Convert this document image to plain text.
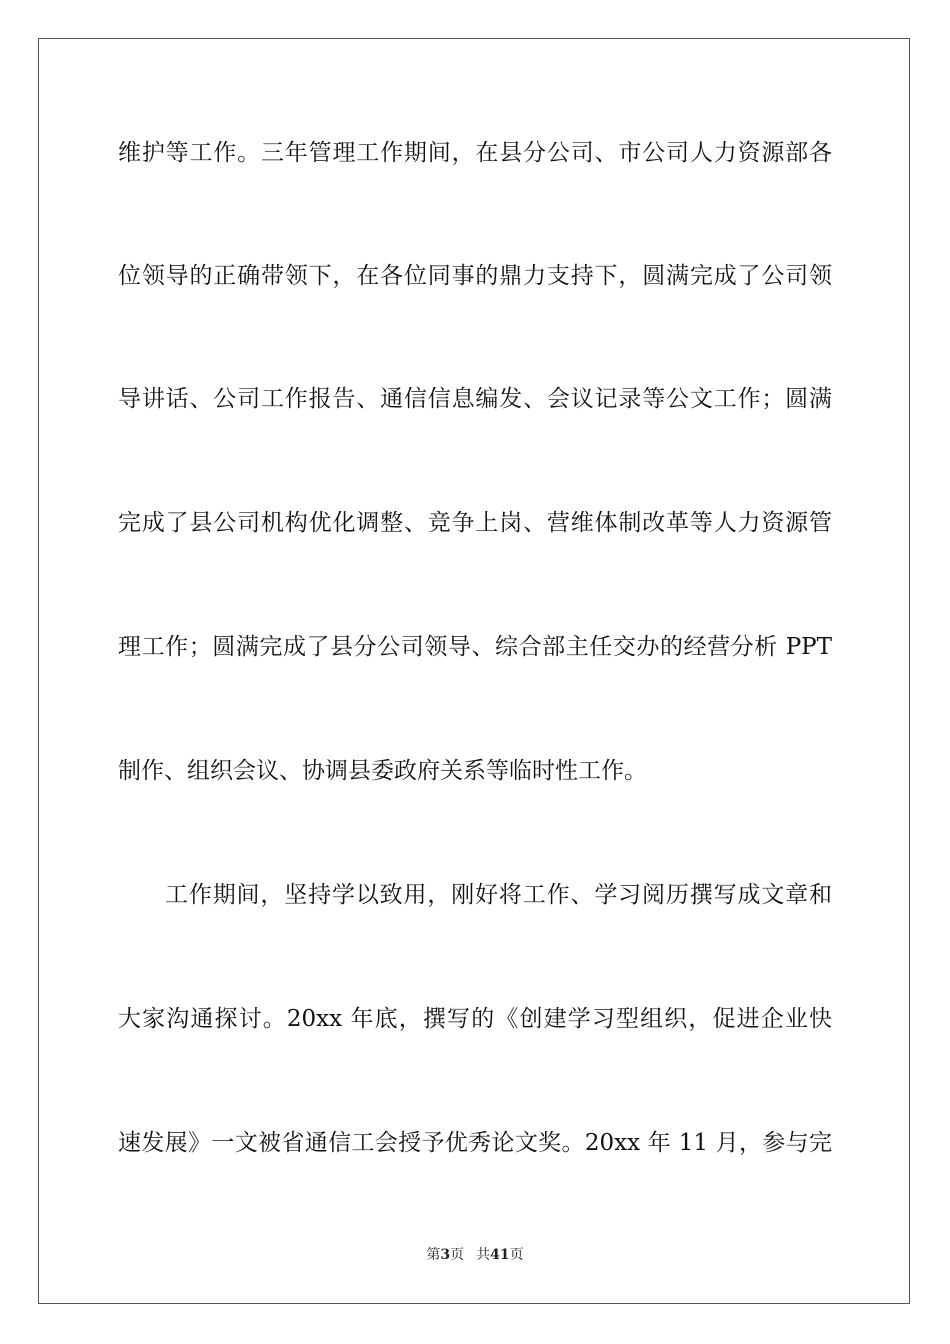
维护等工作。三年管理工作期间，在县分公司、市公司人力资源部各
位领导的正确带领下，在各位同事的鼎力支持下，圆满完成了公司领
导讲话、公司工作报告、通信信息编发、会议记录等公文工作；圆满
完成了县公司机构优化调整、竞争上岗、营维体制改革等人力资源管
理工作；圆满完成了县分公司领导、综合部主任交办的经营分析 PPT
制作、组织会议、协调县委政府关系等临时性工作。
工作期间，坚持学以致用，刚好将工作、学习阅历撰写成文章和
大家沟通探讨。20xx 年底，撰写的《创建学习型组织，促进企业快
速发展》一文被省通信工会授予优秀论文奖。20xx 年 11 月，参与完
第3页 共41页
